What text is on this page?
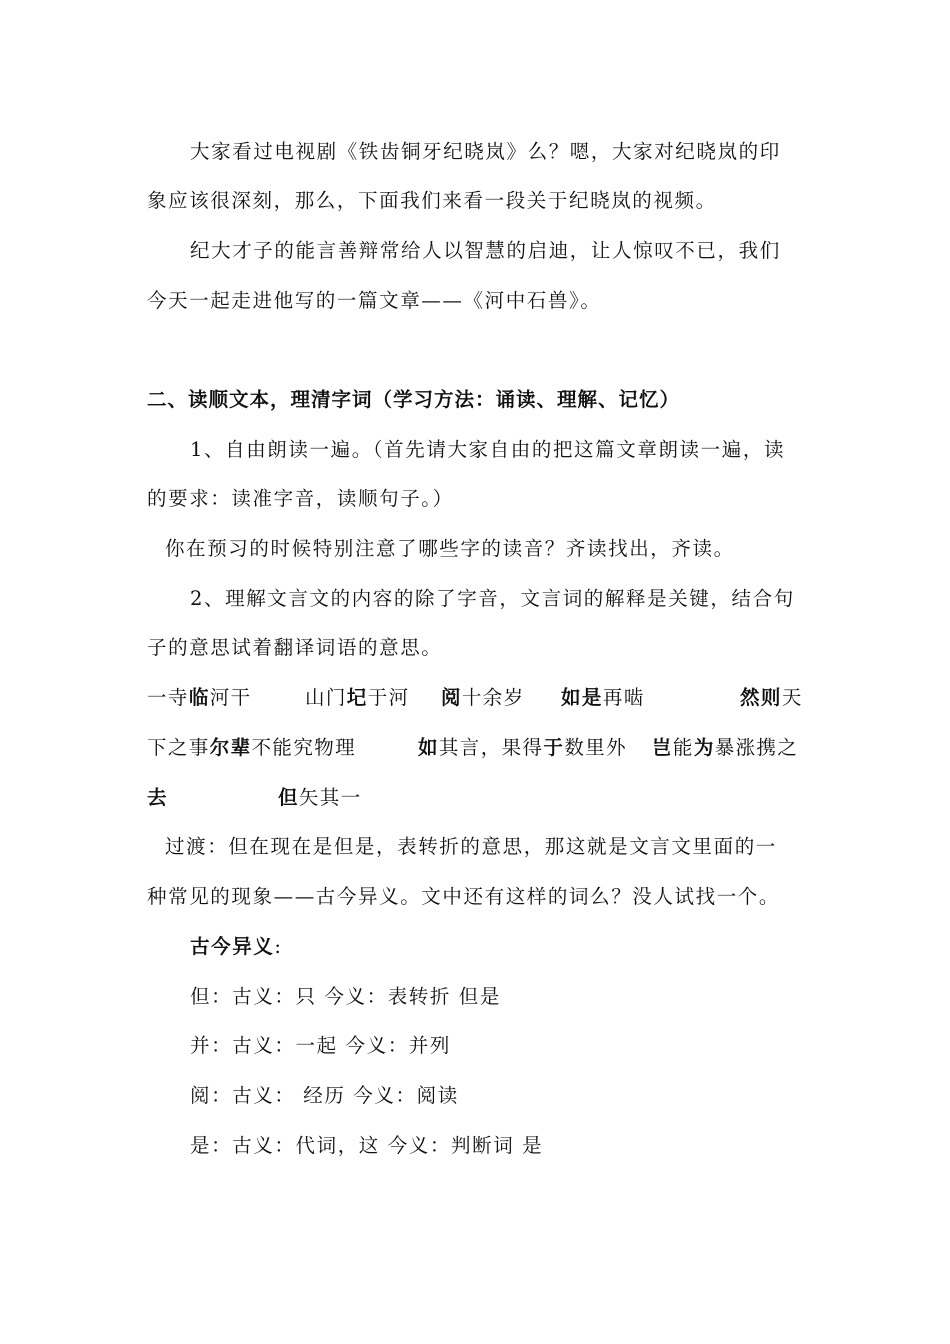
大家看过电视剧《铁齿铜牙纪晓岚》么？嗯，大家对纪晓岚的印
象应该很深刻，那么，下面我们来看一段关于纪晓岚的视频。
纪大才子的能言善辩常给人以智慧的启迪，让人惊叹不已，我们
今天一起走进他写的一篇文章——《河中石兽》。
二、读顺文本，理清字词（学习方法：诵读、理解、记忆）
1、自由朗读一遍。（首先请大家自由的把这篇文章朗读一遍，读
的要求：读准字音，读顺句子。）
你在预习的时候特别注意了哪些字的读音？齐读找出，齐读。
2、理解文言文的内容的除了字音，文言词的解释是关键，结合句
子的意思试着翻译词语的意思。
一寺临河干	山门圮于河 阅十余岁 如是再啮	然则天
下之事尔辈不能究物理	如其言，果得于数里外 岂能为暴涨携之
去	但矢其一
过渡：但在现在是但是，表转折的意思，那这就是文言文里面的一
种常见的现象——古今异义。文中还有这样的词么？没人试找一个。
古今异义:
但：古义：只 今义：表转折 但是
并：古义：一起 今义：并列
阅：古义： 经历 今义：阅读
是：古义：代词，这 今义：判断词 是
